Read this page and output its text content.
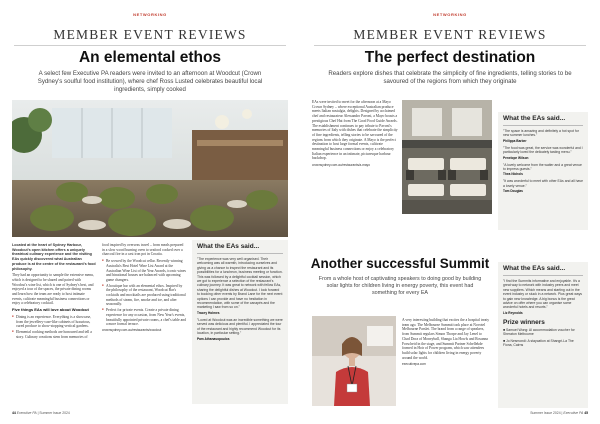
NETWORKING
MEMBER EVENT REVIEWS
An elemental ethos
A select few Executive PA readers were invited to an afternoon at Woodcut (Crown Sydney's soulful food institution), where chef Ross Lusted celebrates beautiful local ingredients, simply cooked

Located at the heart of Sydney Harbour, Woodcut's open kitchen offers a uniquely theatrical culinary experience and the visiting EAs quickly discovered what Australian produce is at the centre of the restaurant's food philosophy.

They had an opportunity to sample the extensive menu, which is designed to be shared and paired with Woodcut's wine list, which is one of Sydney's best, and enjoyed a tour of the spaces, the private dining rooms and learn how the team are ready to host intimate events, cultivate meaningful business connections or enjoy a celebratory cocktail.

Five things EAs will love about Woodcut
■ Dining is an experience. Everything is a showcase, from the jewellery-case-like cabinets of luxurious, cured produce to show-stopping vertical gardens.
■ Elemental cooking methods are honoured and tell a story. Culinary creations stem from memories of

food inspired by overseas travel – from meals prepared in a slow wood burning oven to seafood cooked over a charcoal fire in a cast iron pot in Croatia.

■ Be wowed by the Woodcut cellar. Recently winning Australia's Best Hotel Wine List Award at the Australian Wine List of the Year Awards, iconic wines and binational houses are balanced with upcoming game changers.
■ A boutique bar with an elemental ethos. Inspired by the philosophy of the restaurant, Woodcut Bar's cocktails and mocktails are produced using traditional methods of steam, fire, smoke and ice, and after seasonally.
■ Perfect for private events. Create a private dining experience for any occasion, from New Year's events, beautifully appointed private rooms, a chef's table and a more formal terrace.

crownsydney.com.au/restaurants/woodcut

What the EAs said...
"The experience was very well organised. Their welcoming was all warmth, introducing ourselves and giving us a chance to inspect the restaurant and its possibilities for a luncheon, business meeting or function. This was followed by a delightful cocktail session, which we got to experience a selection of the restaurant's culinary journey. It was great to network with fellow EAs, sharing the delightful dishes at Woodcut. I look forward to booking other events by Brand Lane for the next event options I can provide and have no hesitation in recommendation, with some of the canapés and the marketing I saw from so on."
Tracey Holmes
"Loved at Woodcut was an incredible something we were served was delicious and plentiful. I appreciated the tour of the restaurant and highly recommend Woodcut for its location, in particular setting."
Pam Athanasopoulos
44 Executive PA | Summer Issue 2024
NETWORKING
MEMBER EVENT REVIEWS
The perfect destination
Readers explore dishes that celebrate the simplicity of fine ingredients, telling stories to be savoured of the regions from which they originate

EAs were invited to meet for the afternoon at a Mayo Crown Sydney – where exceptional Australian produce meets Italian nostalgia, delights. Designed by acclaimed chef and restaurateur Alessandro Pavoni, a Mayo boasts a prestigious Chef Hat from The Good Food Guide Awards. The establishment continues to pay tribute to Pavoni's memories of Italy with dishes that celebrate the simplicity of fine ingredients, telling stories to be savoured of the regions from which they originate. A Mayo is the perfect destination to host large formal events, cultivate meaningful business connections or enjoy a celebratory Italian experience in an intimate, picturesque harbour backdrop.

crownsydney.com.au/restaurants/a-mayo

What the EAs said...
"The space is amazing and definitely a hot spot for new summer lunches."
Philippa Barber
"The food was great, the service was wonderful and I particularly loved the delicately tasting menu."
Penelope Wilson
"A lovely welcome from the waiter and a great venue to impress guests."
Thea Nichols
"It was wonderful to meet with other EAs and all have a lovely venue."
Tom Douglas
Another successful Summit
From a whole host of captivating speakers to doing good by building solar lights for children living in energy poverty, this event had something for every EA

A very interesting building that excites the a hospital treaty team ago. The Melbourne Summit took place at Novotel Melbourne Parslet. The brand from a range of speakers, from Summit regulars Simon Thorpe and Jay Lenel to Chad Dora of Moneyball, Shanga Lia Howls and Rosanna Forscheid in the stage, and Summit Partner Schellekde formed in Hoir of Power program, which saw attendees build solar lights for children living in energy poverty around the world.

executivepa.com

What the EAs said...
"I find the Summits informative and enjoyable. It's a great way to network with industry peers and meet new suppliers. Which means and starting out in the event industry or stuck in a network. Plus great ways to gain new knowledge. A big bonus is the great advice on offer where you can organise some wonderful hotels and resorts."
Liz Reynolds
Prize winners
■ Samuel Wong: Al accommodation voucher for Sheraton Melbourne
■ Jo Nesmondi: A staycation at Shangri-La The Fiona, Cairns
Summer Issue 2024 | Executive PA 45
